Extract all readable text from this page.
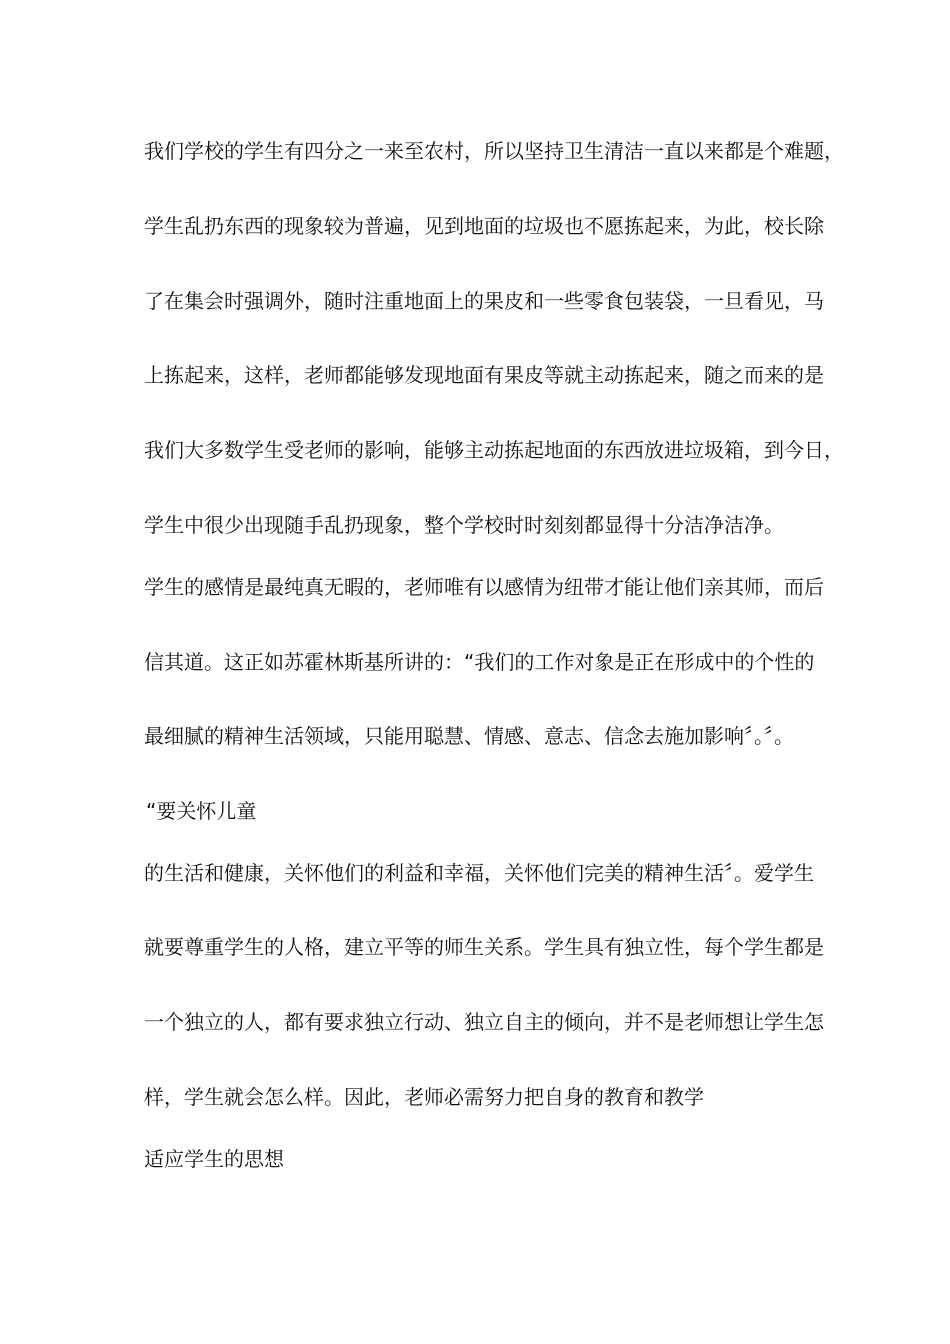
我们学校的学生有四分之一来至农村，所以坚持卫生清洁一直以来都是个难题，
学生乱扔东西的现象较为普遍，见到地面的垃圾也不愿拣起来，为此，校长除
了在集会时强调外，随时注重地面上的果皮和一些零食包装袋，一旦看见，马
上拣起来，这样，老师都能够发现地面有果皮等就主动拣起来，随之而来的是
我们大多数学生受老师的影响，能够主动拣起地面的东西放进垃圾箱，到今日，
学生中很少出现随手乱扔现象，整个学校时时刻刻都显得十分洁净洁净。
学生的感情是最纯真无暇的，老师唯有以感情为纽带才能让他们亲其师，而后
信其道。这正如苏霍林斯基所讲的：“我们的工作对象是正在形成中的个性的
最细腻的精神生活领域，只能用聪慧、情感、意志、信念去施加影响〞。〞。
“要关怀儿童
的生活和健康，关怀他们的利益和幸福，关怀他们完美的精神生活〞。爱学生
就要尊重学生的人格，建立平等的师生关系。学生具有独立性，每个学生都是
一个独立的人，都有要求独立行动、独立自主的倾向，并不是老师想让学生怎
样，学生就会怎么样。因此，老师必需努力把自身的教育和教学
适应学生的思想
